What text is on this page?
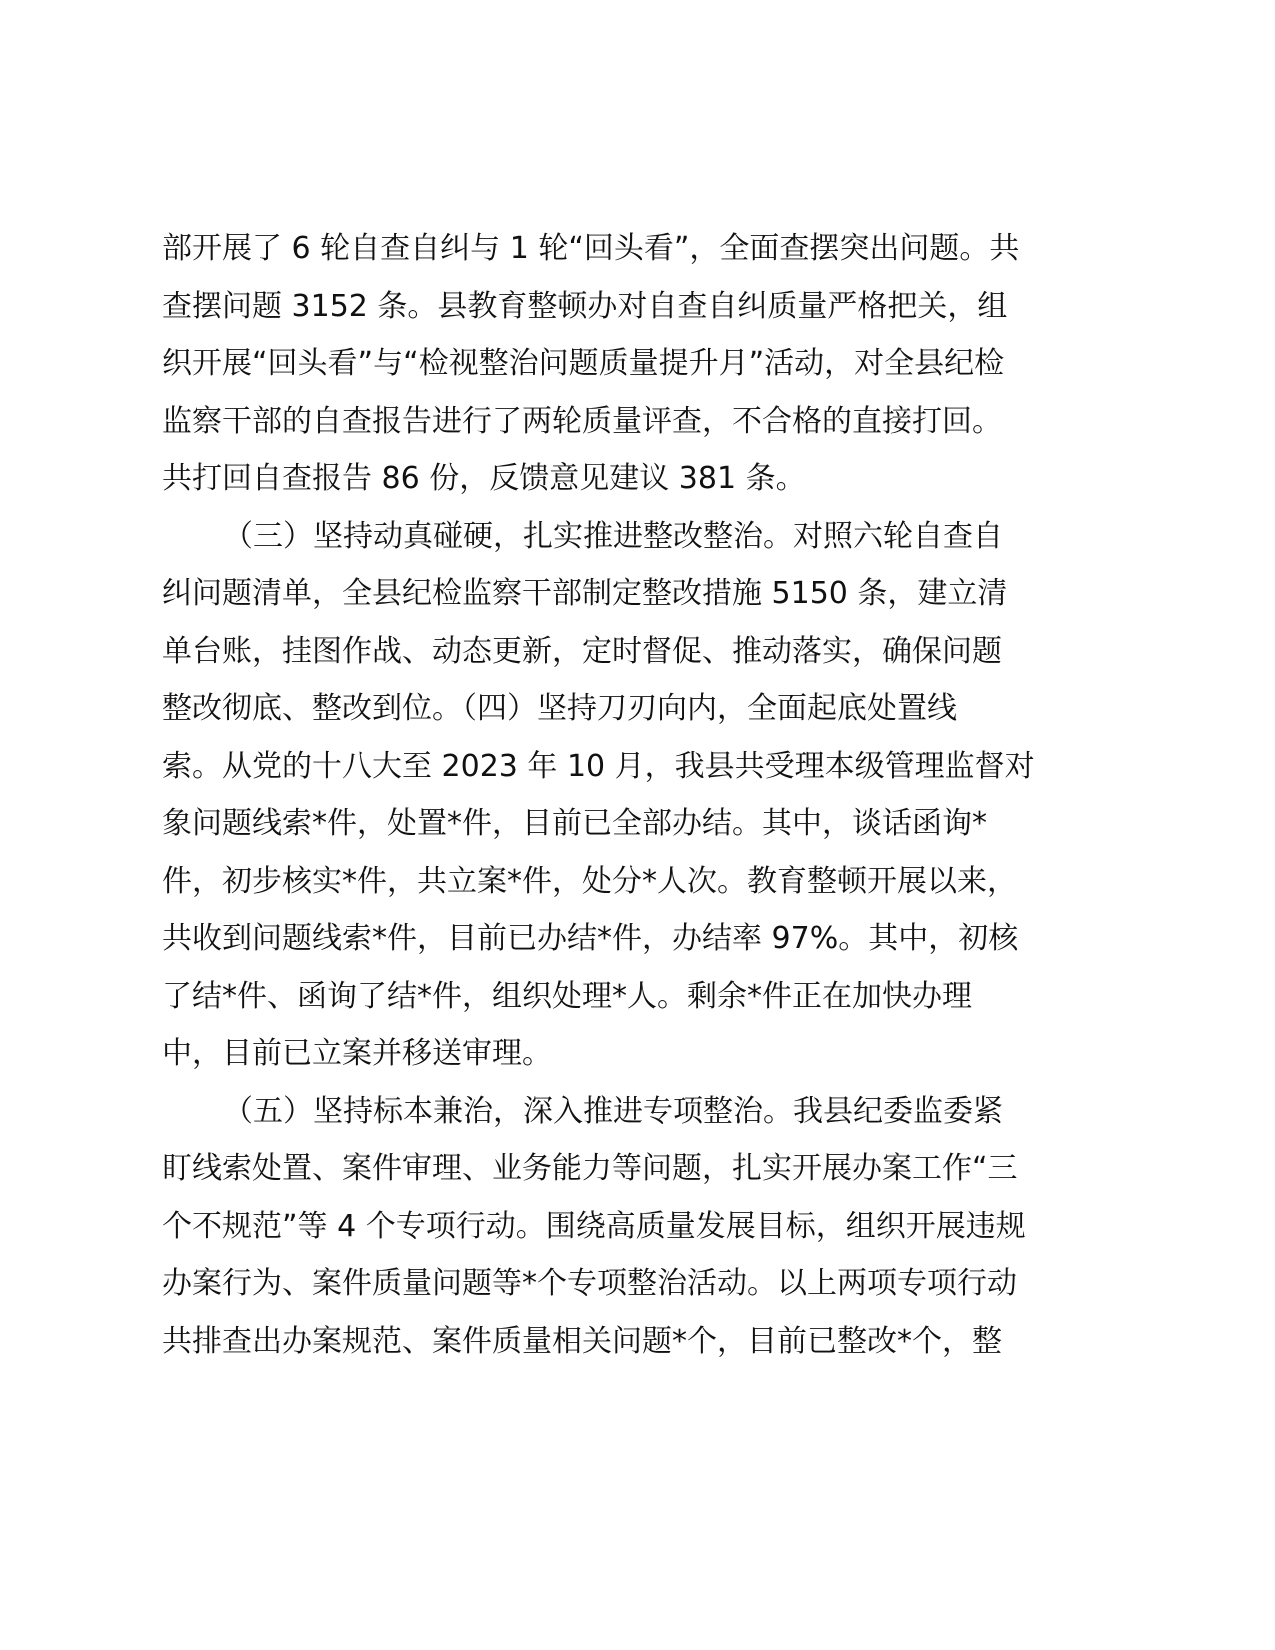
部开展了 6 轮自查自纠与 1 轮“回头看”，全面查摆突出问题。共
查摆问题 3152 条。县教育整顿办对自查自纠质量严格把关，组
织开展“回头看”与“检视整治问题质量提升月”活动，对全县纪检
监察干部的自查报告进行了两轮质量评查，不合格的直接打回。
共打回自查报告 86 份，反馈意见建议 381 条。
（三）坚持动真碰硬，扎实推进整改整治。对照六轮自查自
纠问题清单，全县纪检监察干部制定整改措施 5150 条，建立清
单台账，挂图作战、动态更新，定时督促、推动落实，确保问题
整改彻底、整改到位。（四）坚持刀刃向内，全面起底处置线
索。从党的十八大至 2023 年 10 月，我县共受理本级管理监督对
象问题线索*件，处置*件，目前已全部办结。其中，谈话函询*
件，初步核实*件，共立案*件，处分*人次。教育整顿开展以来，
共收到问题线索*件，目前已办结*件，办结率 97%。其中，初核
了结*件、函询了结*件，组织处理*人。剩余*件正在加快办理
中，目前已立案并移送审理。
（五）坚持标本兼治，深入推进专项整治。我县纪委监委紧
盯线索处置、案件审理、业务能力等问题，扎实开展办案工作“三
个不规范”等 4 个专项行动。围绕高质量发展目标，组织开展违规
办案行为、案件质量问题等*个专项整治活动。以上两项专项行动
共排查出办案规范、案件质量相关问题*个，目前已整改*个，整
